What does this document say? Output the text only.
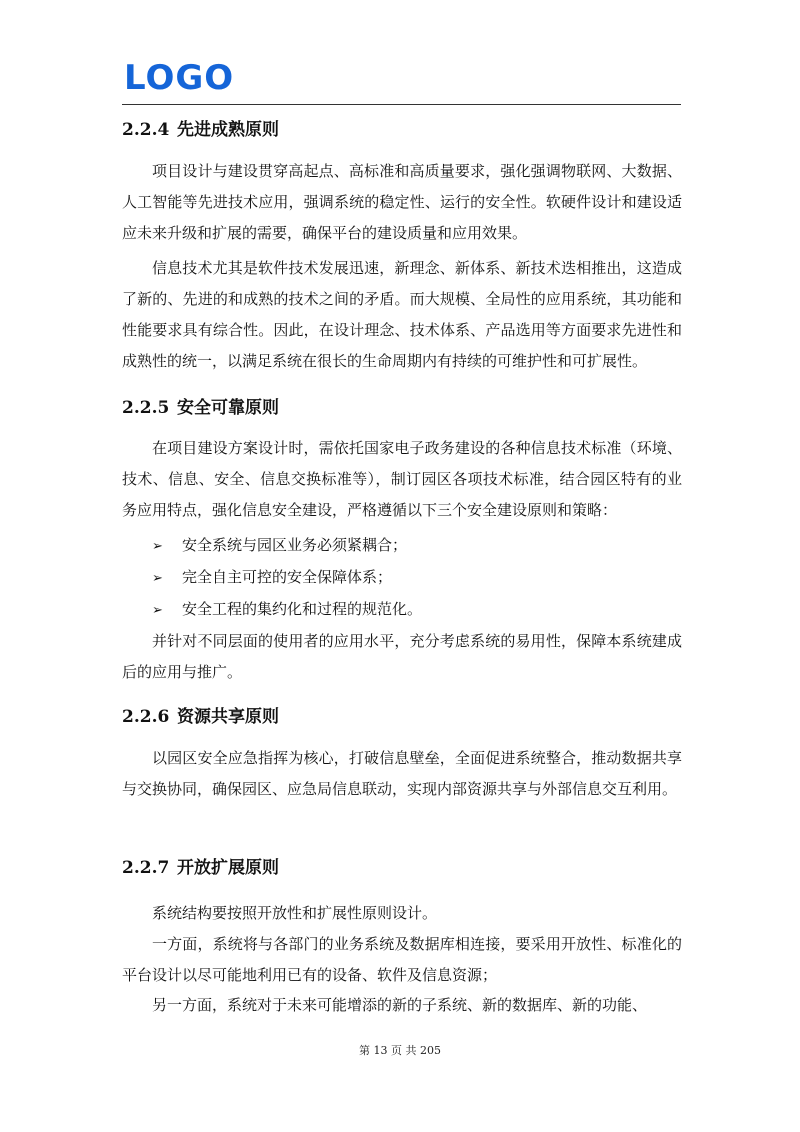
LOGO
2.2.4 先进成熟原则
项目设计与建设贯穿高起点、高标准和高质量要求，强化强调物联网、大数据、人工智能等先进技术应用，强调系统的稳定性、运行的安全性。软硬件设计和建设适应未来升级和扩展的需要，确保平台的建设质量和应用效果。
信息技术尤其是软件技术发展迅速，新理念、新体系、新技术迭相推出，这造成了新的、先进的和成熟的技术之间的矛盾。而大规模、全局性的应用系统，其功能和性能要求具有综合性。因此，在设计理念、技术体系、产品选用等方面要求先进性和成熟性的统一，以满足系统在很长的生命周期内有持续的可维护性和可扩展性。
2.2.5 安全可靠原则
在项目建设方案设计时，需依托国家电子政务建设的各种信息技术标准（环境、技术、信息、安全、信息交换标准等），制订园区各项技术标准，结合园区特有的业务应用特点，强化信息安全建设，严格遵循以下三个安全建设原则和策略：
➢ 安全系统与园区业务必须紧耦合；
➢ 完全自主可控的安全保障体系；
➢ 安全工程的集约化和过程的规范化。
并针对不同层面的使用者的应用水平，充分考虑系统的易用性，保障本系统建成后的应用与推广。
2.2.6 资源共享原则
以园区安全应急指挥为核心，打破信息壁垒，全面促进系统整合，推动数据共享与交换协同，确保园区、应急局信息联动，实现内部资源共享与外部信息交互利用。
2.2.7 开放扩展原则
系统结构要按照开放性和扩展性原则设计。
一方面，系统将与各部门的业务系统及数据库相连接，要采用开放性、标准化的平台设计以尽可能地利用已有的设备、软件及信息资源；
另一方面，系统对于未来可能增添的新的子系统、新的数据库、新的功能、
第 13 页 共 205
